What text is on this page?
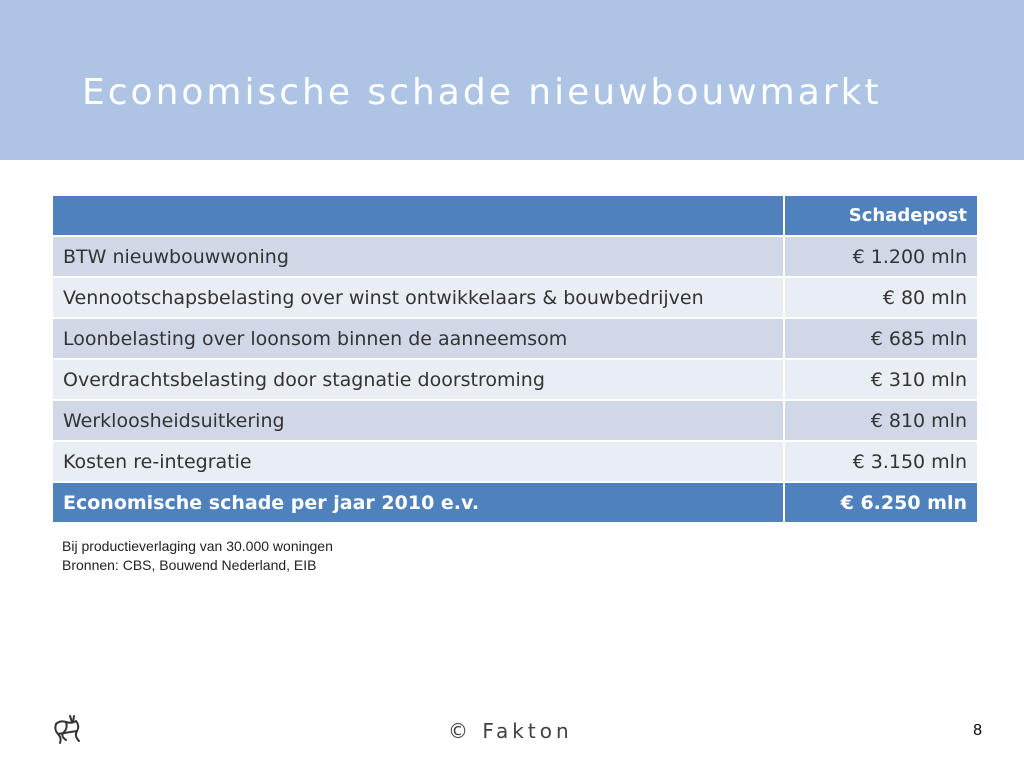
Economische schade nieuwbouwmarkt
	Schadepost
BTW nieuwbouwwoning	€ 1.200 mln
Vennootschapsbelasting over winst ontwikkelaars & bouwbedrijven	€ 80 mln
Loonbelasting over loonsom binnen de aanneemsom	€ 685 mln
Overdrachtsbelasting door stagnatie doorstroming	€ 310 mln
Werkloosheidsuitkering	€ 810 mln
Kosten re-integratie	€ 3.150 mln
Economische schade per jaar 2010 e.v.	€ 6.250 mln
Bij productieverlaging van 30.000 woningen
Bronnen: CBS, Bouwend Nederland, EIB
© Fakton	8
